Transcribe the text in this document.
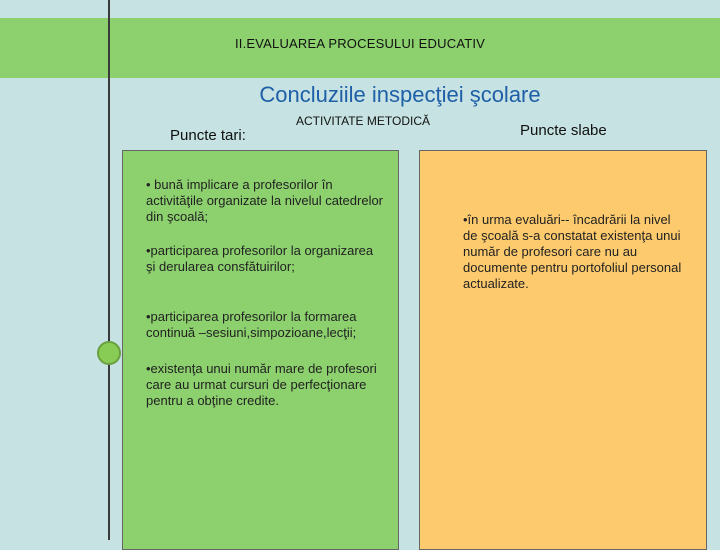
II.EVALUAREA PROCESULUI EDUCATIV
Concluziile inspecţiei şcolare
Puncte tari:
ACTIVITATE METODICĂ
Puncte slabe
• bună implicare a profesorilor în activităţile organizate la nivelul catedrelor din şcoală;
•participarea profesorilor la organizarea şi derularea consfătuirilor;
•participarea profesorilor la formarea continuă –sesiuni,simpozioane,lecţii;
•existenţa unui număr mare de profesori care au urmat cursuri de perfecţionare pentru a obţine credite.
•în urma evaluări-- încadrării la nivel de şcoală s-a constatat existenţa unui număr de profesori care nu au documente pentru portofoliul personal actualizate.
